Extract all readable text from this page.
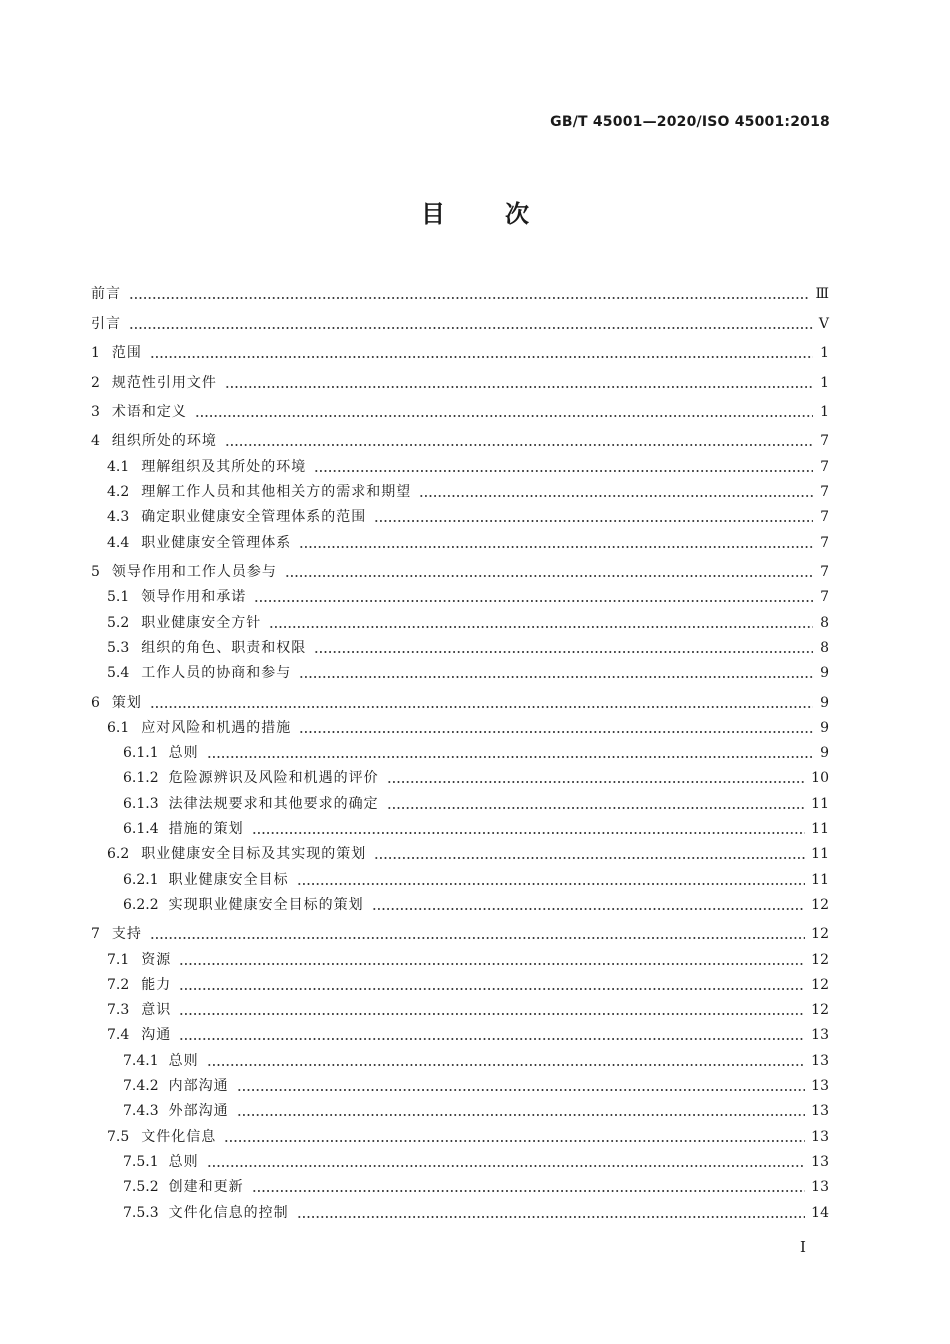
GB/T 45001—2020/ISO 45001:2018
目	次
前言	Ⅲ
引言	Ⅴ
1 范围	1
2 规范性引用文件	1
3 术语和定义	1
4 组织所处的环境	7
4.1 理解组织及其所处的环境	7
4.2 理解工作人员和其他相关方的需求和期望	7
4.3 确定职业健康安全管理体系的范围	7
4.4 职业健康安全管理体系	7
5 领导作用和工作人员参与	7
5.1 领导作用和承诺	7
5.2 职业健康安全方针	8
5.3 组织的角色、职责和权限	8
5.4 工作人员的协商和参与	9
6 策划	9
6.1 应对风险和机遇的措施	9
6.1.1 总则	9
6.1.2 危险源辨识及风险和机遇的评价	10
6.1.3 法律法规要求和其他要求的确定	11
6.1.4 措施的策划	11
6.2 职业健康安全目标及其实现的策划	11
6.2.1 职业健康安全目标	11
6.2.2 实现职业健康安全目标的策划	12
7 支持	12
7.1 资源	12
7.2 能力	12
7.3 意识	12
7.4 沟通	13
7.4.1 总则	13
7.4.2 内部沟通	13
7.4.3 外部沟通	13
7.5 文件化信息	13
7.5.1 总则	13
7.5.2 创建和更新	13
7.5.3 文件化信息的控制	14
I
